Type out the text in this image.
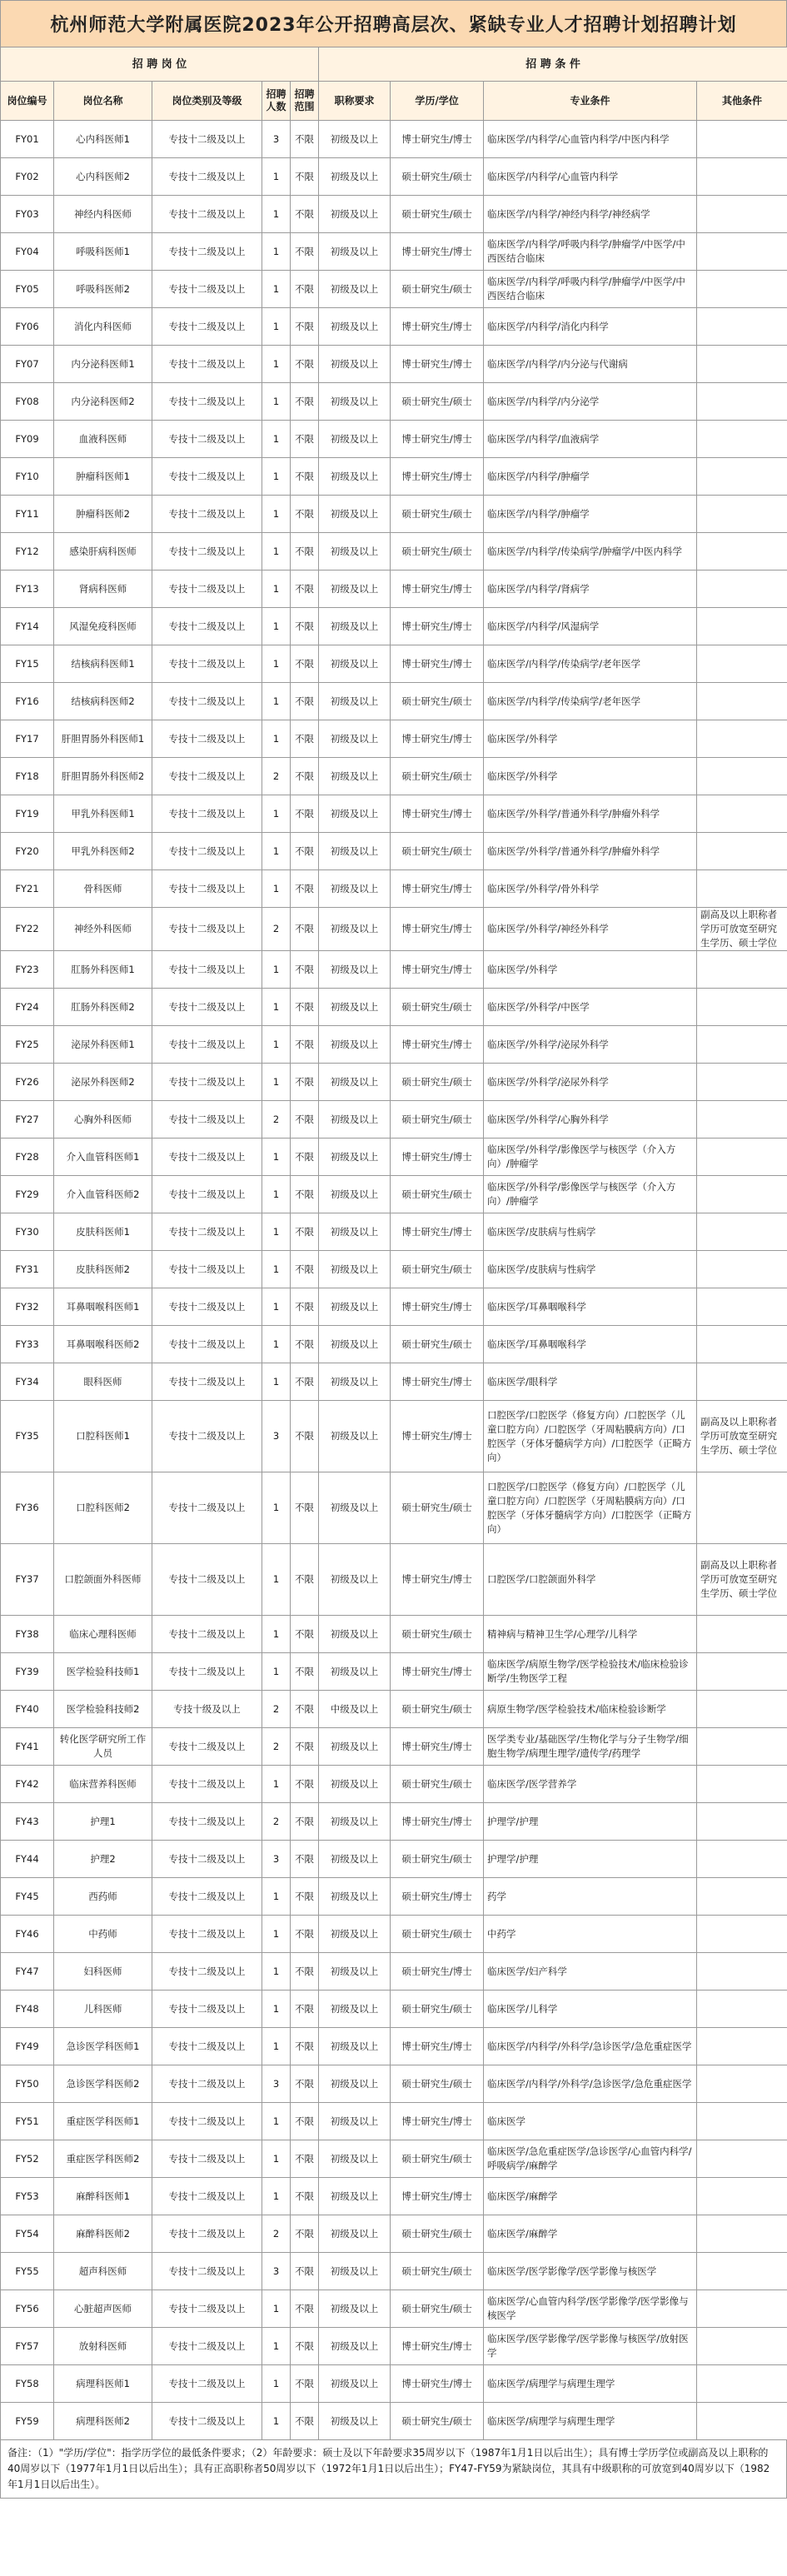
杭州师范大学附属医院2023年公开招聘高层次、紧缺专业人才招聘计划招聘计划
招 聘 岗 位					招 聘 条 件			
岗位编号	岗位名称	岗位类别及等级	招聘人数	招聘范围	职称要求	学历/学位	专业条件	其他条件
FY01	心内科医师1	专技十二级及以上	3	不限	初级及以上	博士研究生/博士	临床医学/内科学/心血管内科学/中医内科学	
FY02	心内科医师2	专技十二级及以上	1	不限	初级及以上	硕士研究生/硕士	临床医学/内科学/心血管内科学	
FY03	神经内科医师	专技十二级及以上	1	不限	初级及以上	硕士研究生/硕士	临床医学/内科学/神经内科学/神经病学	
FY04	呼吸科医师1	专技十二级及以上	1	不限	初级及以上	博士研究生/博士	临床医学/内科学/呼吸内科学/肿瘤学/中医学/中西医结合临床	
FY05	呼吸科医师2	专技十二级及以上	1	不限	初级及以上	硕士研究生/硕士	临床医学/内科学/呼吸内科学/肿瘤学/中医学/中西医结合临床	
FY06	消化内科医师	专技十二级及以上	1	不限	初级及以上	博士研究生/博士	临床医学/内科学/消化内科学	
FY07	内分泌科医师1	专技十二级及以上	1	不限	初级及以上	博士研究生/博士	临床医学/内科学/内分泌与代谢病	
FY08	内分泌科医师2	专技十二级及以上	1	不限	初级及以上	硕士研究生/硕士	临床医学/内科学/内分泌学	
FY09	血液科医师	专技十二级及以上	1	不限	初级及以上	博士研究生/博士	临床医学/内科学/血液病学	
FY10	肿瘤科医师1	专技十二级及以上	1	不限	初级及以上	博士研究生/博士	临床医学/内科学/肿瘤学	
FY11	肿瘤科医师2	专技十二级及以上	1	不限	初级及以上	硕士研究生/硕士	临床医学/内科学/肿瘤学	
FY12	感染肝病科医师	专技十二级及以上	1	不限	初级及以上	硕士研究生/硕士	临床医学/内科学/传染病学/肿瘤学/中医内科学	
FY13	肾病科医师	专技十二级及以上	1	不限	初级及以上	博士研究生/博士	临床医学/内科学/肾病学	
FY14	风湿免疫科医师	专技十二级及以上	1	不限	初级及以上	博士研究生/博士	临床医学/内科学/风湿病学	
FY15	结核病科医师1	专技十二级及以上	1	不限	初级及以上	博士研究生/博士	临床医学/内科学/传染病学/老年医学	
FY16	结核病科医师2	专技十二级及以上	1	不限	初级及以上	硕士研究生/硕士	临床医学/内科学/传染病学/老年医学	
FY17	肝胆胃肠外科医师1	专技十二级及以上	1	不限	初级及以上	博士研究生/博士	临床医学/外科学	
FY18	肝胆胃肠外科医师2	专技十二级及以上	2	不限	初级及以上	硕士研究生/硕士	临床医学/外科学	
FY19	甲乳外科医师1	专技十二级及以上	1	不限	初级及以上	博士研究生/博士	临床医学/外科学/普通外科学/肿瘤外科学	
FY20	甲乳外科医师2	专技十二级及以上	1	不限	初级及以上	硕士研究生/硕士	临床医学/外科学/普通外科学/肿瘤外科学	
FY21	骨科医师	专技十二级及以上	1	不限	初级及以上	博士研究生/博士	临床医学/外科学/骨外科学	
FY22	神经外科医师	专技十二级及以上	2	不限	初级及以上	博士研究生/博士	临床医学/外科学/神经外科学	副高及以上职称者学历可放宽至研究生学历、硕士学位
FY23	肛肠外科医师1	专技十二级及以上	1	不限	初级及以上	博士研究生/博士	临床医学/外科学	
FY24	肛肠外科医师2	专技十二级及以上	1	不限	初级及以上	硕士研究生/硕士	临床医学/外科学/中医学	
FY25	泌尿外科医师1	专技十二级及以上	1	不限	初级及以上	博士研究生/博士	临床医学/外科学/泌尿外科学	
FY26	泌尿外科医师2	专技十二级及以上	1	不限	初级及以上	硕士研究生/硕士	临床医学/外科学/泌尿外科学	
FY27	心胸外科医师	专技十二级及以上	2	不限	初级及以上	硕士研究生/硕士	临床医学/外科学/心胸外科学	
FY28	介入血管科医师1	专技十二级及以上	1	不限	初级及以上	博士研究生/博士	临床医学/外科学/影像医学与核医学（介入方向）/肿瘤学	
FY29	介入血管科医师2	专技十二级及以上	1	不限	初级及以上	硕士研究生/硕士	临床医学/外科学/影像医学与核医学（介入方向）/肿瘤学	
FY30	皮肤科医师1	专技十二级及以上	1	不限	初级及以上	博士研究生/博士	临床医学/皮肤病与性病学	
FY31	皮肤科医师2	专技十二级及以上	1	不限	初级及以上	硕士研究生/硕士	临床医学/皮肤病与性病学	
FY32	耳鼻咽喉科医师1	专技十二级及以上	1	不限	初级及以上	博士研究生/博士	临床医学/耳鼻咽喉科学	
FY33	耳鼻咽喉科医师2	专技十二级及以上	1	不限	初级及以上	硕士研究生/硕士	临床医学/耳鼻咽喉科学	
FY34	眼科医师	专技十二级及以上	1	不限	初级及以上	博士研究生/博士	临床医学/眼科学	
FY35	口腔科医师1	专技十二级及以上	3	不限	初级及以上	博士研究生/博士	口腔医学/口腔医学（修复方向）/口腔医学（儿童口腔方向）/口腔医学（牙周粘膜病方向）/口腔医学（牙体牙髓病学方向）/口腔医学（正畸方向）	副高及以上职称者学历可放宽至研究生学历、硕士学位
FY36	口腔科医师2	专技十二级及以上	1	不限	初级及以上	硕士研究生/硕士	口腔医学/口腔医学（修复方向）/口腔医学（儿童口腔方向）/口腔医学（牙周粘膜病方向）/口腔医学（牙体牙髓病学方向）/口腔医学（正畸方向）	
FY37	口腔颌面外科医师	专技十二级及以上	1	不限	初级及以上	博士研究生/博士	口腔医学/口腔颌面外科学	副高及以上职称者学历可放宽至研究生学历、硕士学位
FY38	临床心理科医师	专技十二级及以上	1	不限	初级及以上	硕士研究生/硕士	精神病与精神卫生学/心理学/儿科学	
FY39	医学检验科技师1	专技十二级及以上	1	不限	初级及以上	博士研究生/博士	临床医学/病原生物学/医学检验技术/临床检验诊断学/生物医学工程	
FY40	医学检验科技师2	专技十级及以上	2	不限	中级及以上	硕士研究生/硕士	病原生物学/医学检验技术/临床检验诊断学	
FY41	转化医学研究所工作人员	专技十二级及以上	2	不限	初级及以上	博士研究生/博士	医学类专业/基础医学/生物化学与分子生物学/细胞生物学/病理生理学/遗传学/药理学	
FY42	临床营养科医师	专技十二级及以上	1	不限	初级及以上	硕士研究生/硕士	临床医学/医学营养学	
FY43	护理1	专技十二级及以上	2	不限	初级及以上	博士研究生/博士	护理学/护理	
FY44	护理2	专技十二级及以上	3	不限	初级及以上	硕士研究生/硕士	护理学/护理	
FY45	西药师	专技十二级及以上	1	不限	初级及以上	硕士研究生/博士	药学	
FY46	中药师	专技十二级及以上	1	不限	初级及以上	硕士研究生/硕士	中药学	
FY47	妇科医师	专技十二级及以上	1	不限	初级及以上	硕士研究生/博士	临床医学/妇产科学	
FY48	儿科医师	专技十二级及以上	1	不限	初级及以上	硕士研究生/硕士	临床医学/儿科学	
FY49	急诊医学科医师1	专技十二级及以上	1	不限	初级及以上	博士研究生/博士	临床医学/内科学/外科学/急诊医学/急危重症医学	
FY50	急诊医学科医师2	专技十二级及以上	3	不限	初级及以上	硕士研究生/硕士	临床医学/内科学/外科学/急诊医学/急危重症医学	
FY51	重症医学科医师1	专技十二级及以上	1	不限	初级及以上	博士研究生/博士	临床医学	
FY52	重症医学科医师2	专技十二级及以上	1	不限	初级及以上	硕士研究生/硕士	临床医学/急危重症医学/急诊医学/心血管内科学/呼吸病学/麻醉学	
FY53	麻醉科医师1	专技十二级及以上	1	不限	初级及以上	博士研究生/博士	临床医学/麻醉学	
FY54	麻醉科医师2	专技十二级及以上	2	不限	初级及以上	硕士研究生/硕士	临床医学/麻醉学	
FY55	超声科医师	专技十二级及以上	3	不限	初级及以上	硕士研究生/硕士	临床医学/医学影像学/医学影像与核医学	
FY56	心脏超声医师	专技十二级及以上	1	不限	初级及以上	硕士研究生/硕士	临床医学/心血管内科学/医学影像学/医学影像与核医学	
FY57	放射科医师	专技十二级及以上	1	不限	初级及以上	博士研究生/博士	临床医学/医学影像学/医学影像与核医学/放射医学	
FY58	病理科医师1	专技十二级及以上	1	不限	初级及以上	博士研究生/博士	临床医学/病理学与病理生理学	
FY59	病理科医师2	专技十二级及以上	1	不限	初级及以上	硕士研究生/硕士	临床医学/病理学与病理生理学	
备注：（1）"学历/学位"：指学历学位的最低条件要求；（2）年龄要求：硕士及以下年龄要求35周岁以下（1987年1月1日以后出生）；具有博士学历学位或副高及以上职称的40周岁以下（1977年1月1日以后出生）；具有正高职称者50周岁以下（1972年1月1日以后出生）；FY47-FY59为紧缺岗位，其具有中级职称的可放宽到40周岁以下（1982年1月1日以后出生）。
